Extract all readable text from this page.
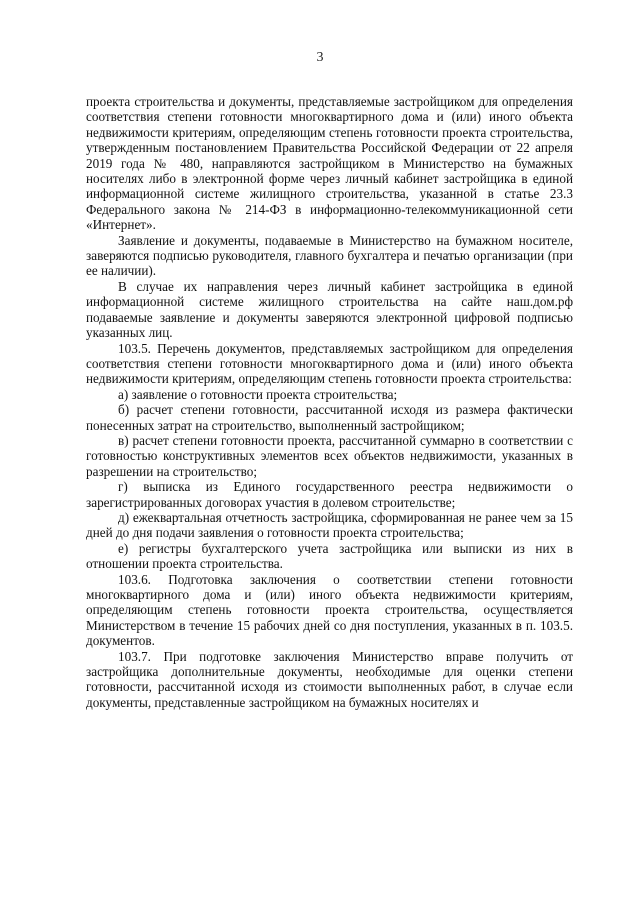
3

проекта строительства и документы, представляемые застройщиком для определения соответствия степени готовности многоквартирного дома и (или) иного объекта недвижимости критериям, определяющим степень готовности проекта строительства, утвержденным постановлением Правительства Российской Федерации от 22 апреля 2019 года № 480, направляются застройщиком в Министерство на бумажных носителях либо в электронной форме через личный кабинет застройщика в единой информационной системе жилищного строительства, указанной в статье 23.3 Федерального закона № 214-ФЗ в информационно-телекоммуникационной сети «Интернет».

Заявление и документы, подаваемые в Министерство на бумажном носителе, заверяются подписью руководителя, главного бухгалтера и печатью организации (при ее наличии).

В случае их направления через личный кабинет застройщика в единой информационной системе жилищного строительства на сайте наш.дом.рф подаваемые заявление и документы заверяются электронной цифровой подписью указанных лиц.

103.5. Перечень документов, представляемых застройщиком для определения соответствия степени готовности многоквартирного дома и (или) иного объекта недвижимости критериям, определяющим степень готовности проекта строительства:

а) заявление о готовности проекта строительства;

б) расчет степени готовности, рассчитанной исходя из размера фактически понесенных затрат на строительство, выполненный застройщиком;

в) расчет степени готовности проекта, рассчитанной суммарно в соответствии с готовностью конструктивных элементов всех объектов недвижимости, указанных в разрешении на строительство;

г) выписка из Единого государственного реестра недвижимости о зарегистрированных договорах участия в долевом строительстве;

д) ежеквартальная отчетность застройщика, сформированная не ранее чем за 15 дней до дня подачи заявления о готовности проекта строительства;

е) регистры бухгалтерского учета застройщика или выписки из них в отношении проекта строительства.

103.6. Подготовка заключения о соответствии степени готовности многоквартирного дома и (или) иного объекта недвижимости критериям, определяющим степень готовности проекта строительства, осуществляется Министерством в течение 15 рабочих дней со дня поступления, указанных в п. 103.5. документов.

103.7. При подготовке заключения Министерство вправе получить от застройщика дополнительные документы, необходимые для оценки степени готовности, рассчитанной исходя из стоимости выполненных работ, в случае если документы, представленные застройщиком на бумажных носителях и
